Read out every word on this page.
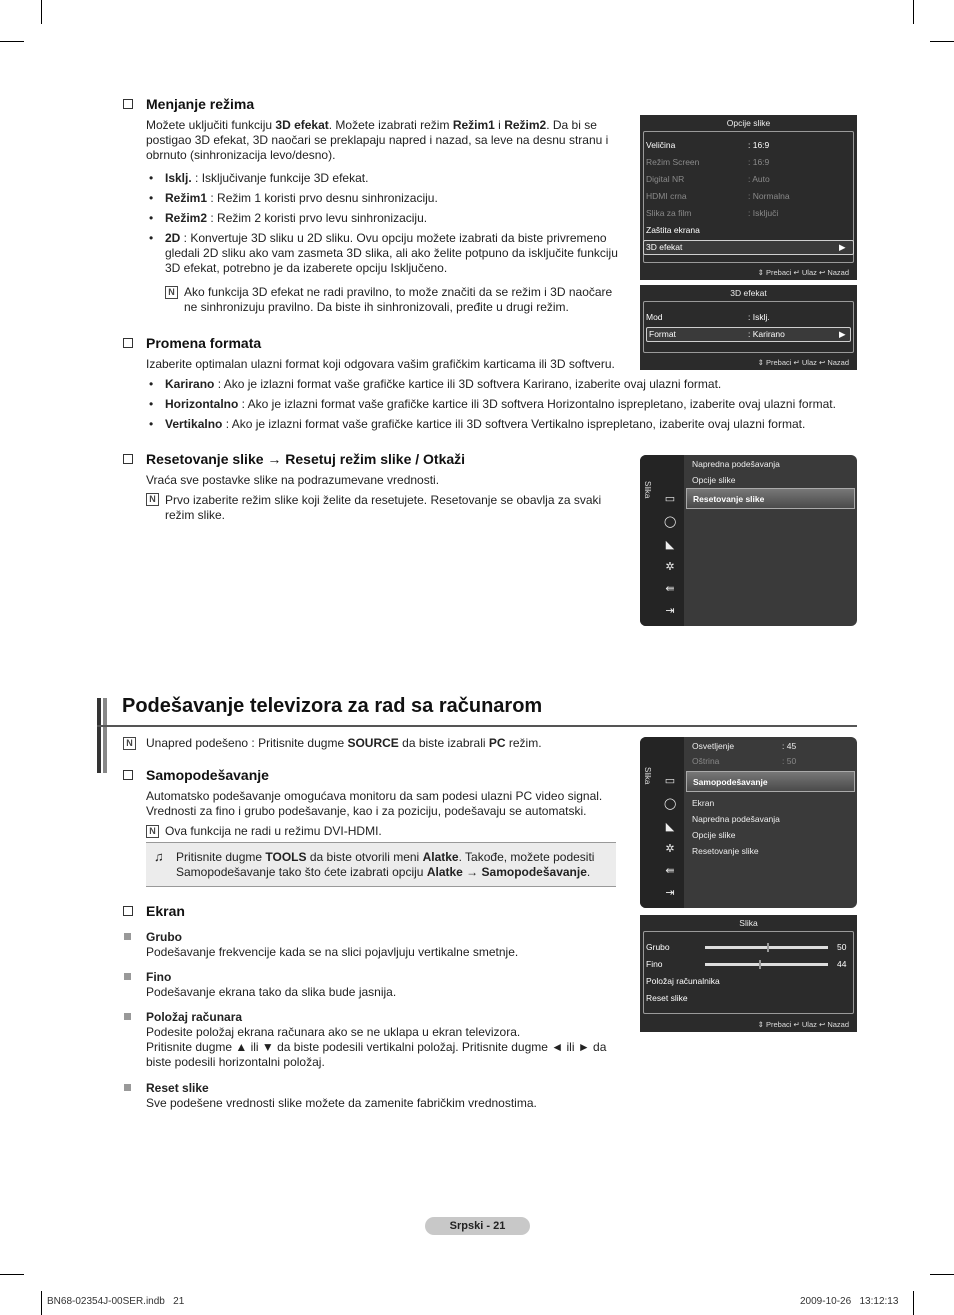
Menjanje režima
Možete uključiti funkciju 3D efekat. Možete izabrati režim Režim1 i Režim2. Da bi se
postigao 3D efekat, 3D naočari se preklapaju napred i nazad, sa leve na desnu stranu i
obrnuto (sinhronizacija levo/desno).
• Isklj. : Isključivanje funkcije 3D efekat.
• Režim1 : Režim 1 koristi prvo desnu sinhronizaciju.
• Režim2 : Režim 2 koristi prvo levu sinhronizaciju.
• 2D : Konvertuje 3D sliku u 2D sliku. Ovu opciju možete izabrati da biste privremeno
gledali 2D sliku ako vam zasmeta 3D slika, ali ako želite potpuno da isključite funkciju
3D efekat, potrebno je da izaberete opciju Isključeno.
N Ako funkcija 3D efekat ne radi pravilno, to može značiti da se režim i 3D naočare
ne sinhronizuju pravilno. Da biste ih sinhronizovali, pređite u drugi režim.
Promena formata
Izaberite optimalan ulazni format koji odgovara vašim grafičkim karticama ili 3D softveru.
• Karirano : Ako je izlazni format vaše grafičke kartice ili 3D softvera Karirano, izaberite ovaj ulazni format.
• Horizontalno : Ako je izlazni format vaše grafičke kartice ili 3D softvera Horizontalno isprepletano, izaberite ovaj ulazni format.
• Vertikalno : Ako je izlazni format vaše grafičke kartice ili 3D softvera Vertikalno isprepletano, izaberite ovaj ulazni format.
Resetovanje slike → Resetuj režim slike / Otkaži
Vraća sve postavke slike na podrazumevane vrednosti.
N Prvo izaberite režim slike koji želite da resetujete. Resetovanje se obavlja za svaki
režim slike.
Opcije slike
Veličina	: 16:9
Režim Screen	: 16:9
Digital NR	: Auto
HDMI crna	: Normalna
Slika za film	: Isključi
Zaštita ekrana
3D efekat	▶
⇕ Prebaci ↵ Ulaz ↩ Nazad
3D efekat
Mod	: Isklj.
Format	: Karirano	▶
⇕ Prebaci ↵ Ulaz ↩ Nazad
Slika
▭
◯
◣
✲
⇚
⇥
Napredna podešavanja
Opcije slike
Resetovanje slike
Podešavanje televizora za rad sa računarom
N Unapred podešeno : Pritisnite dugme SOURCE da biste izabrali PC režim.
Samopodešavanje
Automatsko podešavanje omogućava monitoru da sam podesi ulazni PC video signal.
Vrednosti za fino i grubo podešavanje, kao i za poziciju, podešavaju se automatski.
N Ova funkcija ne radi u režimu DVI-HDMI.
♫ Pritisnite dugme TOOLS da biste otvorili meni Alatke. Takođe, možete podesiti
Samopodešavanje tako što ćete izabrati opciju Alatke → Samopodešavanje.
Ekran
Grubo
Podešavanje frekvencije kada se na slici pojavljuju vertikalne smetnje.
Fino
Podešavanje ekrana tako da slika bude jasnija.
Položaj računara
Podesite položaj ekrana računara ako se ne uklapa u ekran televizora.
Pritisnite dugme ▲ ili ▼ da biste podesili vertikalni položaj. Pritisnite dugme ◄ ili ► da
biste podesili horizontalni položaj.
Reset slike
Sve podešene vrednosti slike možete da zamenite fabričkim vrednostima.
Slika ▭
◯
◣
✲
⇚
⇥
Osvetljenje	: 45
Oštrina	: 50
Samopodešavanje
Ekran
Napredna podešavanja
Opcije slike
Resetovanje slike
Slika
Grubo	50
Fino	44
Položaj računalnika
Reset slike
⇕ Prebaci ↵ Ulaz ↩ Nazad
Srpski - 21
BN68-02354J-00SER.indb   21	2009-10-26   13:12:13
